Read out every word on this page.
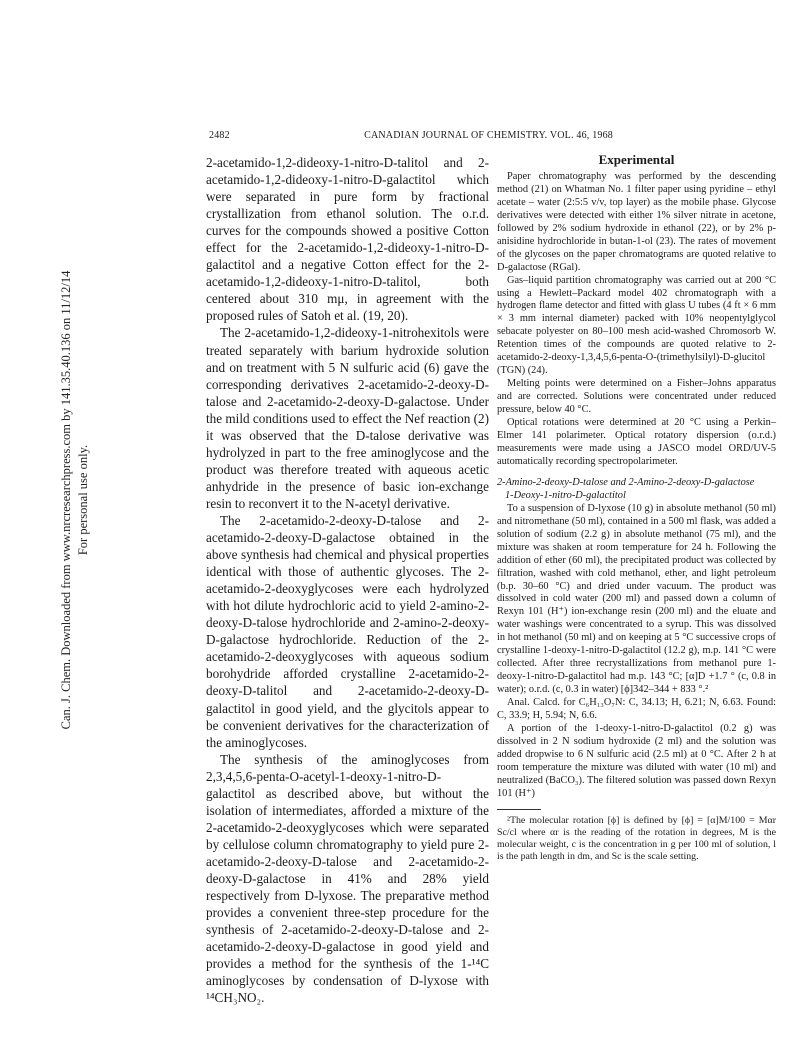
Can. J. Chem. Downloaded from www.nrcresearchpress.com by 141.35.40.136 on 11/12/14 For personal use only.
2482	CANADIAN JOURNAL OF CHEMISTRY. VOL. 46, 1968

2-acetamido-1,2-dideoxy-1-nitro-D-talitol and 2-acetamido-1,2-dideoxy-1-nitro-D-galactitol which were separated in pure form by fractional crystallization from ethanol solution. The o.r.d. curves for the compounds showed a positive Cotton effect for the 2-acetamido-1,2-dideoxy-1-nitro-D-galactitol and a negative Cotton effect for the 2-acetamido-1,2-dideoxy-1-nitro-D-talitol, both centered about 310 mμ, in agreement with the proposed rules of Satoh et al. (19, 20).

The 2-acetamido-1,2-dideoxy-1-nitrohexitols were treated separately with barium hydroxide solution and on treatment with 5 N sulfuric acid (6) gave the corresponding derivatives 2-acetamido-2-deoxy-D-talose and 2-acetamido-2-deoxy-D-galactose. Under the mild conditions used to effect the Nef reaction (2) it was observed that the D-talose derivative was hydrolyzed in part to the free aminoglycose and the product was therefore treated with aqueous acetic anhydride in the presence of basic ion-exchange resin to reconvert it to the N-acetyl derivative.

The 2-acetamido-2-deoxy-D-talose and 2-acetamido-2-deoxy-D-galactose obtained in the above synthesis had chemical and physical properties identical with those of authentic glycoses. The 2-acetamido-2-deoxyglycoses were each hydrolyzed with hot dilute hydrochloric acid to yield 2-amino-2-deoxy-D-talose hydrochloride and 2-amino-2-deoxy-D-galactose hydrochloride. Reduction of the 2-acetamido-2-deoxyglycoses with aqueous sodium borohydride afforded crystalline 2-acetamido-2-deoxy-D-talitol and 2-acetamido-2-deoxy-D-galactitol in good yield, and the glycitols appear to be convenient derivatives for the characterization of the aminoglycoses.

The synthesis of the aminoglycoses from 2,3,4,5,6-penta-O-acetyl-1-deoxy-1-nitro-D-galactitol as described above, but without the isolation of intermediates, afforded a mixture of the 2-acetamido-2-deoxyglycoses which were separated by cellulose column chromatography to yield pure 2-acetamido-2-deoxy-D-talose and 2-acetamido-2-deoxy-D-galactose in 41% and 28% yield respectively from D-lyxose. The preparative method provides a convenient three-step procedure for the synthesis of 2-acetamido-2-deoxy-D-talose and 2-acetamido-2-deoxy-D-galactose in good yield and provides a method for the synthesis of the 1-¹⁴C aminoglycoses by condensation of D-lyxose with ¹⁴CH₃NO₂.

Experimental

Paper chromatography was performed by the descending method (21) on Whatman No. 1 filter paper using pyridine – ethyl acetate – water (2:5:5 v/v, top layer) as the mobile phase. Glycose derivatives were detected with either 1% silver nitrate in acetone, followed by 2% sodium hydroxide in ethanol (22), or by 2% p-anisidine hydrochloride in butan-1-ol (23). The rates of movement of the glycoses on the paper chromatograms are quoted relative to D-galactose (RGal).

Gas–liquid partition chromatography was carried out at 200 °C using a Hewlett–Packard model 402 chromatograph with a hydrogen flame detector and fitted with glass U tubes (4 ft × 6 mm × 3 mm internal diameter) packed with 10% neopentylglycol sebacate polyester on 80–100 mesh acid-washed Chromosorb W. Retention times of the compounds are quoted relative to 2-acetamido-2-deoxy-1,3,4,5,6-penta-O-(trimethylsilyl)-D-glucitol (TGN) (24).

Melting points were determined on a Fisher–Johns apparatus and are corrected. Solutions were concentrated under reduced pressure, below 40 °C.

Optical rotations were determined at 20 °C using a Perkin–Elmer 141 polarimeter. Optical rotatory dispersion (o.r.d.) measurements were made using a JASCO model ORD/UV-5 automatically recording spectropolarimeter.

2-Amino-2-deoxy-D-talose and 2-Amino-2-deoxy-D-galactose

1-Deoxy-1-nitro-D-galactitol

To a suspension of D-lyxose (10 g) in absolute methanol (50 ml) and nitromethane (50 ml), contained in a 500 ml flask, was added a solution of sodium (2.2 g) in absolute methanol (75 ml), and the mixture was shaken at room temperature for 24 h. Following the addition of ether (60 ml), the precipitated product was collected by filtration, washed with cold methanol, ether, and light petroleum (b.p. 30–60 °C) and dried under vacuum. The product was dissolved in cold water (200 ml) and passed down a column of Rexyn 101 (H⁺) ion-exchange resin (200 ml) and the eluate and water washings were concentrated to a syrup. This was dissolved in hot methanol (50 ml) and on keeping at 5 °C successive crops of crystalline 1-deoxy-1-nitro-D-galactitol (12.2 g), m.p. 141 °C were collected. After three recrystallizations from methanol pure 1-deoxy-1-nitro-D-galactitol had m.p. 143 °C; [α]D +1.7 ° (c, 0.8 in water); o.r.d. (c, 0.3 in water) [ϕ]342–344 + 833 °.²

Anal. Calcd. for C₆H₁₃O₇N: C, 34.13; H, 6.21; N, 6.63. Found: C, 33.9; H, 5.94; N, 6.6.

A portion of the 1-deoxy-1-nitro-D-galactitol (0.2 g) was dissolved in 2 N sodium hydroxide (2 ml) and the solution was added dropwise to 6 N sulfuric acid (2.5 ml) at 0 °C. After 2 h at room temperature the mixture was diluted with water (10 ml) and neutralized (BaCO₃). The filtered solution was passed down Rexyn 101 (H⁺)

²The molecular rotation [ϕ] is defined by [ϕ] = [α]M/100 = Mαr Sc/cl where αr is the reading of the rotation in degrees, M is the molecular weight, c is the concentration in g per 100 ml of solution, l is the path length in dm, and Sc is the scale setting.
